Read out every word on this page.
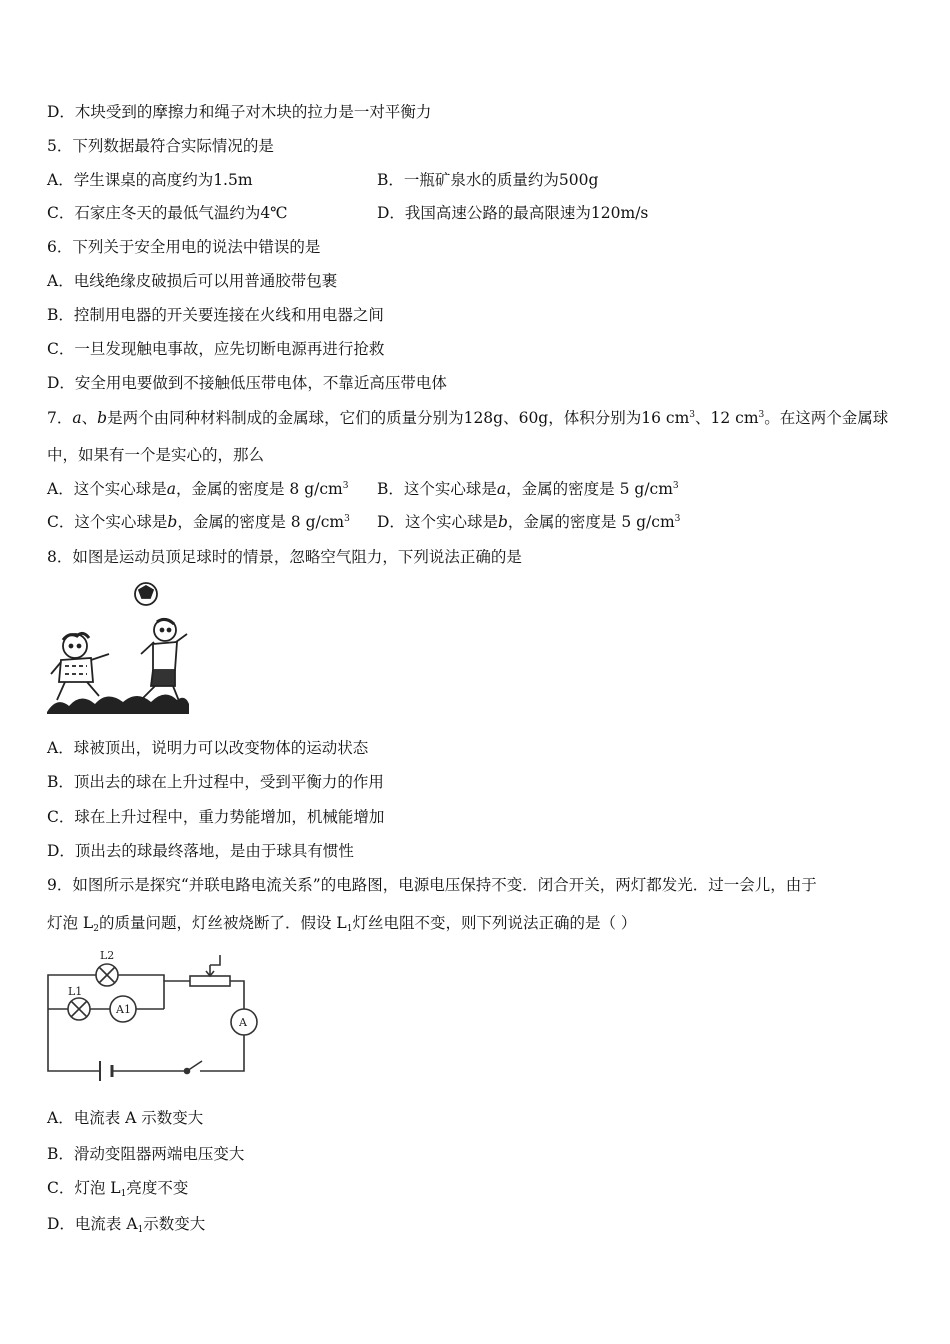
D．木块受到的摩擦力和绳子对木块的拉力是一对平衡力
5．下列数据最符合实际情况的是
A．学生课桌的高度约为1.5m	B．一瓶矿泉水的质量约为500g
C．石家庄冬天的最低气温约为4℃	D．我国高速公路的最高限速为120m/s
6．下列关于安全用电的说法中错误的是
A．电线绝缘皮破损后可以用普通胶带包裹
B．控制用电器的开关要连接在火线和用电器之间
C．一旦发现触电事故，应先切断电源再进行抢救
D．安全用电要做到不接触低压带电体，不靠近高压带电体
7．a、b是两个由同种材料制成的金属球，它们的质量分别为128g、60g，体积分别为16 $cm^3$、12 $cm^3$。在这两个金属球
中，如果有一个是实心的，那么
A．这个实心球是a，金属的密度是 8 $g/cm^3$ B．这个实心球是a，金属的密度是 5 $g/cm^3$
C．这个实心球是b，金属的密度是 8 $g/cm^3$ D．这个实心球是b，金属的密度是 5 $g/cm^3$
8．如图是运动员顶足球时的情景，忽略空气阻力，下列说法正确的是
A．球被顶出，说明力可以改变物体的运动状态
B．顶出去的球在上升过程中，受到平衡力的作用
C．球在上升过程中，重力势能增加，机械能增加
D．顶出去的球最终落地，是由于球具有惯性
9．如图所示是探究“并联电路电流关系”的电路图，电源电压保持不变．闭合开关，两灯都发光．过一会儿，由于
灯泡 $L_2$的质量问题，灯丝被烧断了．假设 $L_1$灯丝电阻不变，则下列说法正确的是（ ）
L2
L1
A1
A
A．电流表 A 示数变大
B．滑动变阻器两端电压变大
C．灯泡 $L_1$亮度不变
D．电流表 $A_1$示数变大
